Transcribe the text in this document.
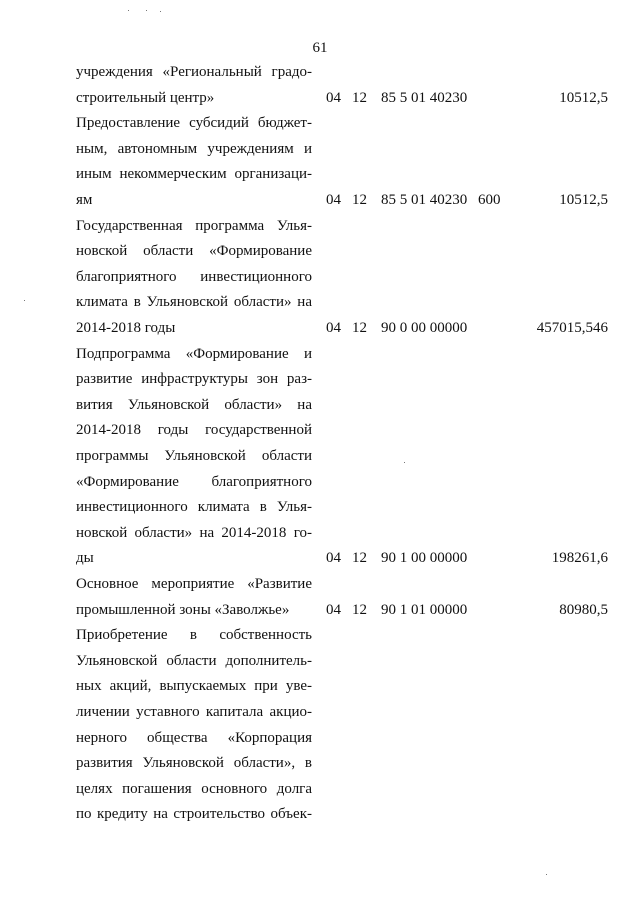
61
учреждения «Региональный градо-
строительный центр»	04 12 85 5 01 40230	10512,5
Предоставление субсидий бюджет-
ным, автономным учреждениям и
иным некоммерческим организаци-
ям	04 12 85 5 01 40230 600	10512,5
Государственная программа Улья-
новской области «Формирование
благоприятного инвестиционного
климата в Ульяновской области» на
2014-2018 годы	04 12 90 0 00 00000	457015,546
Подпрограмма «Формирование и
развитие инфраструктуры зон раз-
вития Ульяновской области» на
2014-2018 годы государственной
программы Ульяновской области
«Формирование благоприятного
инвестиционного климата в Улья-
новской области» на 2014-2018 го-
ды	04 12 90 1 00 00000	198261,6
Основное мероприятие «Развитие
промышленной зоны «Заволжье»	04 12 90 1 01 00000	80980,5
Приобретение в собственность
Ульяновской области дополнитель-
ных акций, выпускаемых при уве-
личении уставного капитала акцио-
нерного общества «Корпорация
развития Ульяновской области», в
целях погашения основного долга
по кредиту на строительство объек-
